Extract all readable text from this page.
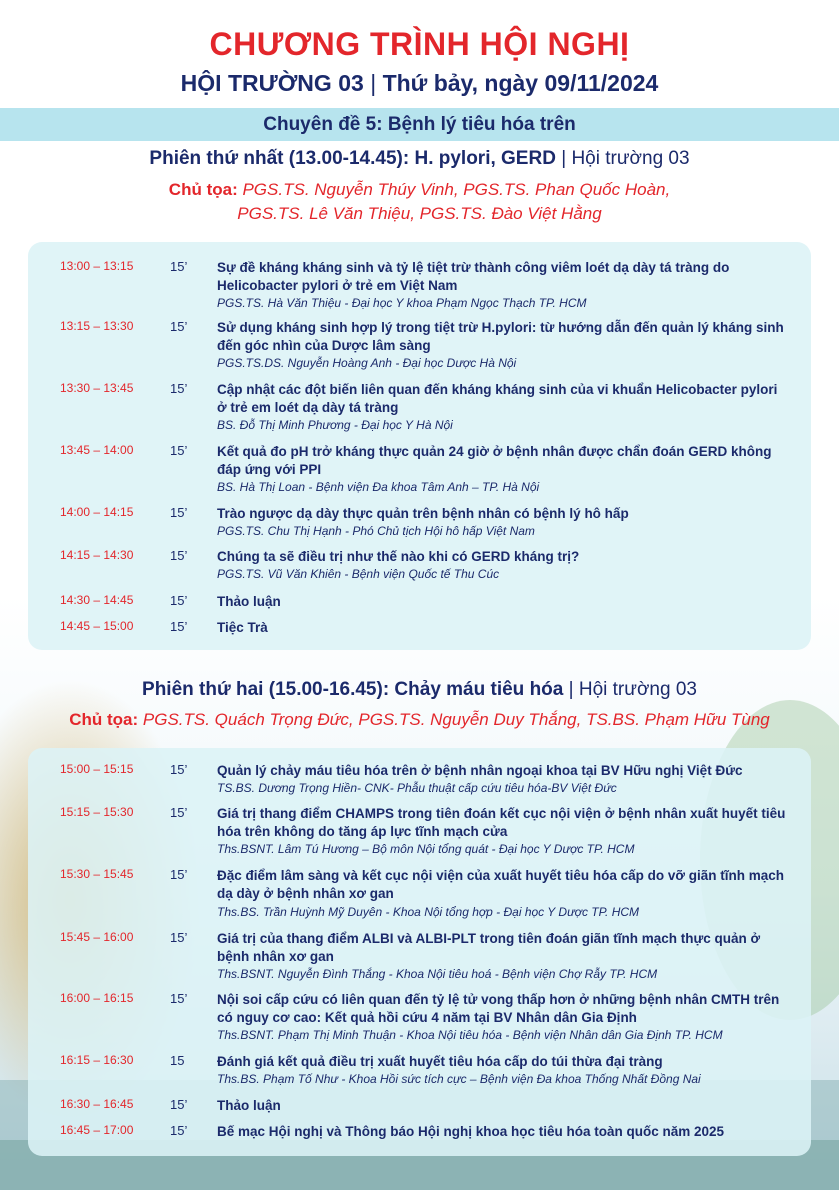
CHƯƠNG TRÌNH HỘI NGHỊ
HỘI TRƯỜNG 03 | Thứ bảy, ngày 09/11/2024
Chuyên đề 5: Bệnh lý tiêu hóa trên
Phiên thứ nhất (13.00-14.45): H. pylori, GERD | Hội trường 03
Chủ tọa: PGS.TS. Nguyễn Thúy Vinh, PGS.TS. Phan Quốc Hoàn,
PGS.TS. Lê Văn Thiệu, PGS.TS. Đào Việt Hằng
13:00 – 13:15	15’ Sự đề kháng kháng sinh và tỷ lệ tiệt trừ thành công viêm loét dạ dày tá tràng do Helicobacter pylori ở trẻ em Việt Nam
PGS.TS. Hà Văn Thiệu - Đại học Y khoa Phạm Ngọc Thạch TP. HCM
13:15 – 13:30	15’ Sử dụng kháng sinh hợp lý trong tiệt trừ H.pylori: từ hướng dẫn đến quản lý kháng sinh đến góc nhìn của Dược lâm sàng
PGS.TS.DS. Nguyễn Hoàng Anh - Đại học Dược Hà Nội
13:30 – 13:45	15’ Cập nhật các đột biến liên quan đến kháng kháng sinh của vi khuẩn Helicobacter pylori ở trẻ em loét dạ dày tá tràng
BS. Đỗ Thị Minh Phương - Đại học Y Hà Nội
13:45 – 14:00	15’ Kết quả đo pH trở kháng thực quản 24 giờ ở bệnh nhân được chẩn đoán GERD không đáp ứng với PPI
BS. Hà Thị Loan - Bệnh viện Đa khoa Tâm Anh – TP. Hà Nội
14:00 – 14:15	15’ Trào ngược dạ dày thực quản trên bệnh nhân có bệnh lý hô hấp
PGS.TS. Chu Thị Hạnh - Phó Chủ tịch Hội hô hấp Việt Nam
14:15 – 14:30	15’ Chúng ta sẽ điều trị như thế nào khi có GERD kháng trị?
PGS.TS. Vũ Văn Khiên - Bệnh viện Quốc tế Thu Cúc
14:30 – 14:45	15’ Thảo luận
14:45 – 15:00	15’ Tiệc Trà
Phiên thứ hai (15.00-16.45): Chảy máu tiêu hóa | Hội trường 03
Chủ tọa: PGS.TS. Quách Trọng Đức, PGS.TS. Nguyễn Duy Thắng, TS.BS. Phạm Hữu Tùng
15:00 – 15:15	15’ Quản lý chảy máu tiêu hóa trên ở bệnh nhân ngoại khoa tại BV Hữu nghị Việt Đức
TS.BS. Dương Trọng Hiền- CNK- Phẫu thuật cấp cứu tiêu hóa-BV Việt Đức
15:15 – 15:30	15’ Giá trị thang điểm CHAMPS trong tiên đoán kết cục nội viện ở bệnh nhân xuất huyết tiêu hóa trên không do tăng áp lực tĩnh mạch cửa
Ths.BSNT. Lâm Tú Hương – Bộ môn Nội tổng quát - Đại học Y Dược TP. HCM
15:30 – 15:45	15’ Đặc điểm lâm sàng và kết cục nội viện của xuất huyết tiêu hóa cấp do vỡ giãn tĩnh mạch dạ dày ở bệnh nhân xơ gan
Ths.BS. Trần Huỳnh Mỹ Duyên - Khoa Nội tổng hợp - Đại học Y Dược TP. HCM
15:45 – 16:00	15’ Giá trị của thang điểm ALBI và ALBI-PLT trong tiên đoán giãn tĩnh mạch thực quản ở bệnh nhân xơ gan
Ths.BSNT. Nguyễn Đình Thắng - Khoa Nội tiêu hoá - Bệnh viện Chợ Rẫy TP. HCM
16:00 – 16:15	15’ Nội soi cấp cứu có liên quan đến tỷ lệ tử vong thấp hơn ở những bệnh nhân CMTH trên có nguy cơ cao: Kết quả hồi cứu 4 năm tại BV Nhân dân Gia Định
Ths.BSNT. Phạm Thị Minh Thuận - Khoa Nội tiêu hóa - Bệnh viện Nhân dân Gia Định TP. HCM
16:15 – 16:30	15 Đánh giá kết quả điều trị xuất huyết tiêu hóa cấp do túi thừa đại tràng
Ths.BS. Phạm Tố Như - Khoa Hồi sức tích cực – Bệnh viện Đa khoa Thống Nhất Đồng Nai
16:30 – 16:45	15’ Thảo luận
16:45 – 17:00	15’ Bế mạc Hội nghị và Thông báo Hội nghị khoa học tiêu hóa toàn quốc năm 2025
